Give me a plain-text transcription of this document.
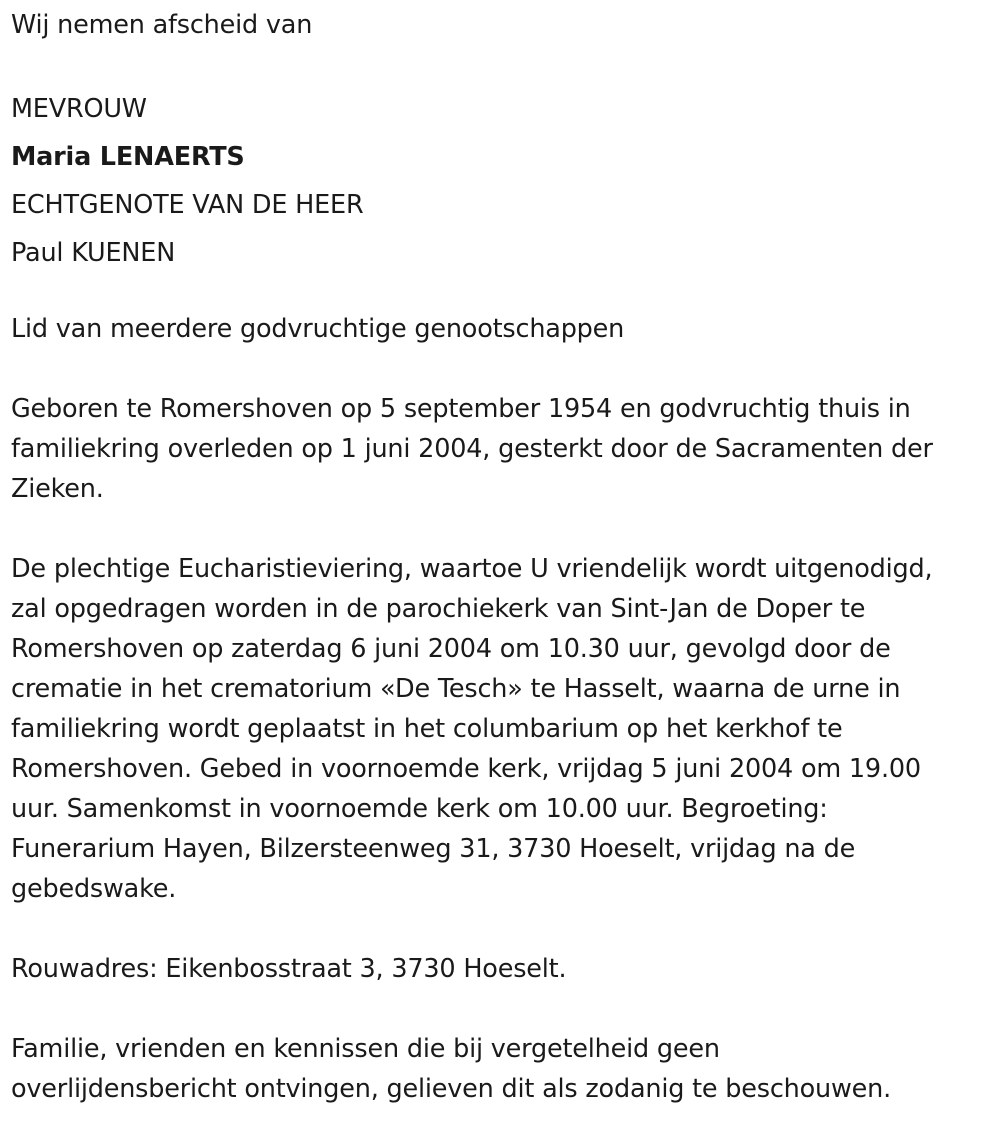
Wij nemen afscheid van
MEVROUW
Maria LENAERTS
ECHTGENOTE VAN DE HEER
Paul KUENEN
Lid van meerdere godvruchtige genootschappen
Geboren te Romershoven op 5 september 1954 en godvruchtig thuis in
familiekring overleden op 1 juni 2004, gesterkt door de Sacramenten der
Zieken.
De plechtige Eucharistieviering, waartoe U vriendelijk wordt uitgenodigd,
zal opgedragen worden in de parochiekerk van Sint-Jan de Doper te
Romershoven op zaterdag 6 juni 2004 om 10.30 uur, gevolgd door de
crematie in het crematorium «De Tesch» te Hasselt, waarna de urne in
familiekring wordt geplaatst in het columbarium op het kerkhof te
Romershoven. Gebed in voornoemde kerk, vrijdag 5 juni 2004 om 19.00
uur. Samenkomst in voornoemde kerk om 10.00 uur. Begroeting:
Funerarium Hayen, Bilzersteenweg 31, 3730 Hoeselt, vrijdag na de
gebedswake.
Rouwadres: Eikenbosstraat 3, 3730 Hoeselt.
Familie, vrienden en kennissen die bij vergetelheid geen
overlijdensbericht ontvingen, gelieven dit als zodanig te beschouwen.
